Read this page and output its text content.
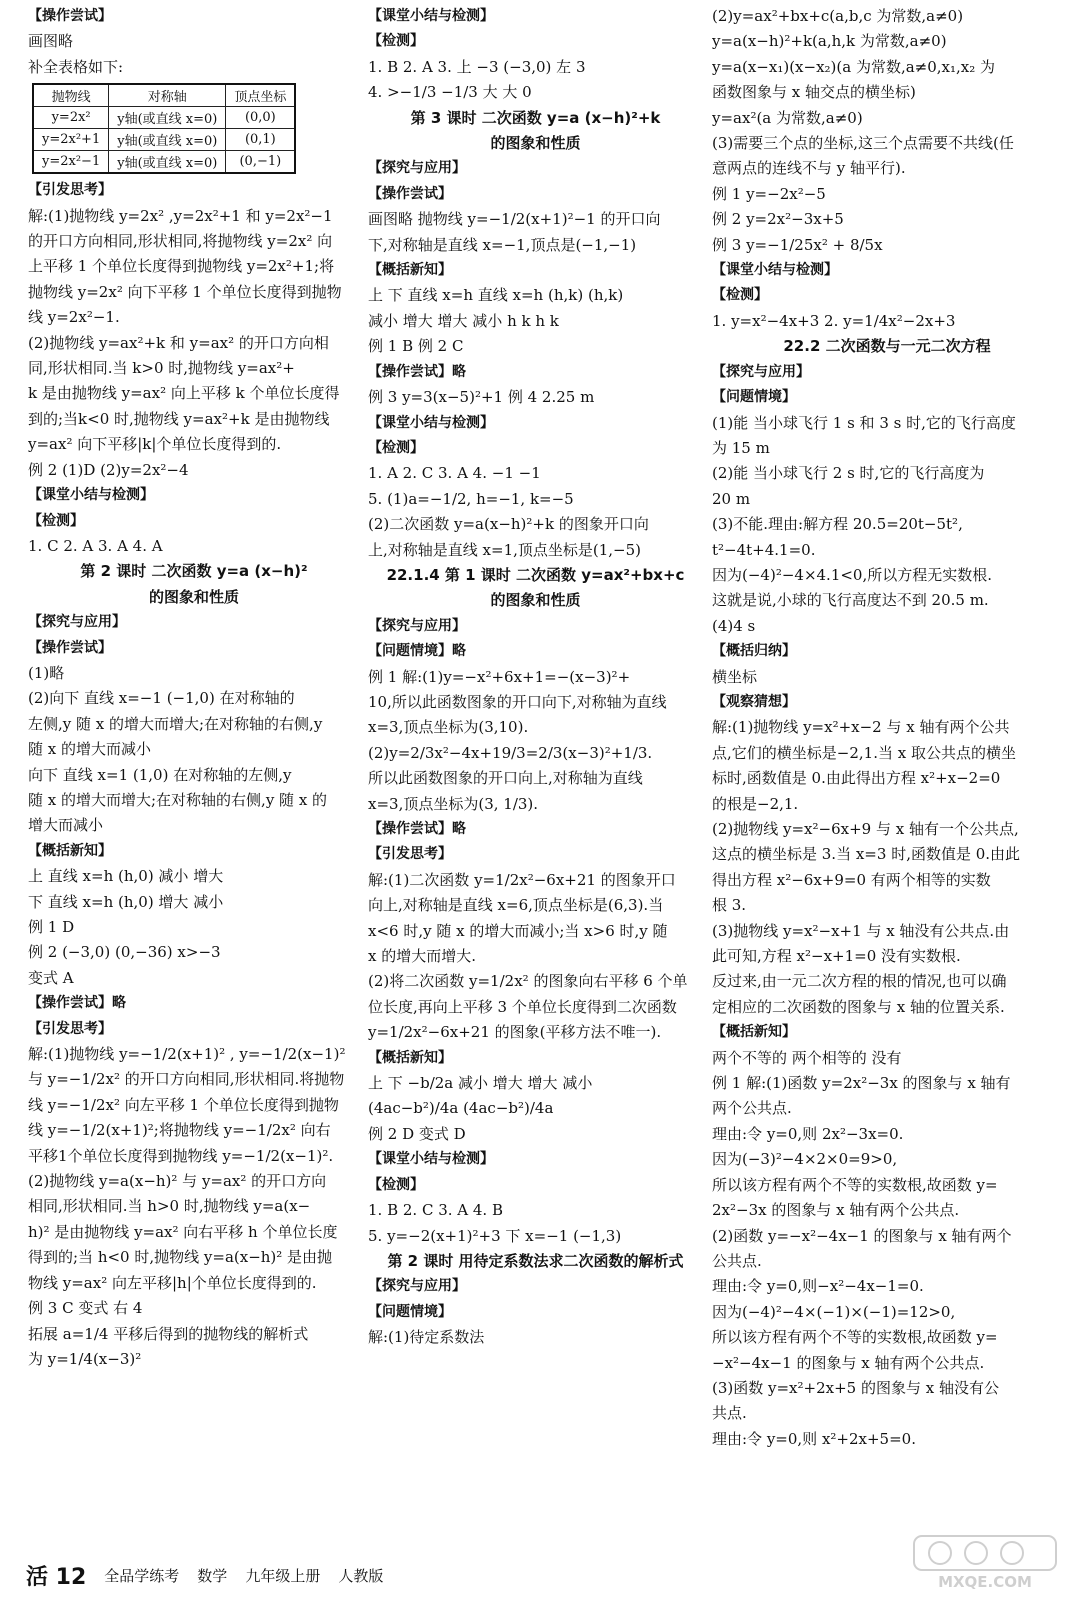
【操作尝试】
画图略
补全表格如下:
抛物线	对称轴	顶点坐标
y=2x²	y轴(或直线 x=0)	(0,0)
y=2x²+1	y轴(或直线 x=0)	(0,1)
y=2x²−1	y轴(或直线 x=0)	(0,−1)
【引发思考】
解:(1)抛物线 y=2x² ,y=2x²+1 和 y=2x²−1
的开口方向相同,形状相同,将抛物线 y=2x² 向
上平移 1 个单位长度得到抛物线 y=2x²+1;将
抛物线 y=2x² 向下平移 1 个单位长度得到抛物
线 y=2x²−1.
(2)抛物线 y=ax²+k 和 y=ax² 的开口方向相
同,形状相同.当 k>0 时,抛物线 y=ax²+
k 是由抛物线 y=ax² 向上平移 k 个单位长度得
到的;当k<0 时,抛物线 y=ax²+k 是由抛物线
y=ax² 向下平移|k|个单位长度得到的.
例 2 (1)D (2)y=2x²−4
【课堂小结与检测】
【检测】
1. C 2. A 3. A 4. A
第 2 课时 二次函数 y=a (x−h)²
的图象和性质
【探究与应用】
【操作尝试】
(1)略
(2)向下 直线 x=−1 (−1,0) 在对称轴的
左侧,y 随 x 的增大而增大;在对称轴的右侧,y
随 x 的增大而减小
向下 直线 x=1 (1,0) 在对称轴的左侧,y
随 x 的增大而增大;在对称轴的右侧,y 随 x 的
增大而减小
【概括新知】
上 直线 x=h (h,0) 减小 增大
下 直线 x=h (h,0) 增大 减小
例 1 D
例 2 (−3,0) (0,−36) x>−3
变式 A
【操作尝试】略
【引发思考】
解:(1)抛物线 y=−1/2(x+1)² , y=−1/2(x−1)²
与 y=−1/2x² 的开口方向相同,形状相同.将抛物
线 y=−1/2x² 向左平移 1 个单位长度得到抛物
线 y=−1/2(x+1)²;将抛物线 y=−1/2x² 向右
平移1个单位长度得到抛物线 y=−1/2(x−1)².
(2)抛物线 y=a(x−h)² 与 y=ax² 的开口方向
相同,形状相同.当 h>0 时,抛物线 y=a(x−
h)² 是由抛物线 y=ax² 向右平移 h 个单位长度
得到的;当 h<0 时,抛物线 y=a(x−h)² 是由抛
物线 y=ax² 向左平移|h|个单位长度得到的.
例 3 C 变式 右 4
拓展 a=1/4 平移后得到的抛物线的解析式
为 y=1/4(x−3)²
【课堂小结与检测】
【检测】
1. B 2. A 3. 上 −3 (−3,0) 左 3
4. >−1/3 −1/3 大 大 0
第 3 课时 二次函数 y=a (x−h)²+k
的图象和性质
【探究与应用】
【操作尝试】
画图略 抛物线 y=−1/2(x+1)²−1 的开口向
下,对称轴是直线 x=−1,顶点是(−1,−1)
【概括新知】
上 下 直线 x=h 直线 x=h (h,k) (h,k)
减小 增大 增大 减小 h k h k
例 1 B 例 2 C
【操作尝试】略
例 3 y=3(x−5)²+1 例 4 2.25 m
【课堂小结与检测】
【检测】
1. A 2. C 3. A 4. −1 −1
5. (1)a=−1/2, h=−1, k=−5
(2)二次函数 y=a(x−h)²+k 的图象开口向
上,对称轴是直线 x=1,顶点坐标是(1,−5)
22.1.4 第 1 课时 二次函数 y=ax²+bx+c
的图象和性质
【探究与应用】
【问题情境】略
例 1 解:(1)y=−x²+6x+1=−(x−3)²+
10,所以此函数图象的开口向下,对称轴为直线
x=3,顶点坐标为(3,10).
(2)y=2/3x²−4x+19/3=2/3(x−3)²+1/3.
所以此函数图象的开口向上,对称轴为直线
x=3,顶点坐标为(3, 1/3).
【操作尝试】略
【引发思考】
解:(1)二次函数 y=1/2x²−6x+21 的图象开口
向上,对称轴是直线 x=6,顶点坐标是(6,3).当
x<6 时,y 随 x 的增大而减小;当 x>6 时,y 随
x 的增大而增大.
(2)将二次函数 y=1/2x² 的图象向右平移 6 个单
位长度,再向上平移 3 个单位长度得到二次函数
y=1/2x²−6x+21 的图象(平移方法不唯一).
【概括新知】
上 下 −b/2a 减小 增大 增大 减小
(4ac−b²)/4a (4ac−b²)/4a
例 2 D 变式 D
【课堂小结与检测】
【检测】
1. B 2. C 3. A 4. B
5. y=−2(x+1)²+3 下 x=−1 (−1,3)
第 2 课时 用待定系数法求二次函数的解析式
【探究与应用】
【问题情境】
解:(1)待定系数法
(2)y=ax²+bx+c(a,b,c 为常数,a≠0)
y=a(x−h)²+k(a,h,k 为常数,a≠0)
y=a(x−x₁)(x−x₂)(a 为常数,a≠0,x₁,x₂ 为
函数图象与 x 轴交点的横坐标)
y=ax²(a 为常数,a≠0)
(3)需要三个点的坐标,这三个点需要不共线(任
意两点的连线不与 y 轴平行).
例 1 y=−2x²−5
例 2 y=2x²−3x+5
例 3 y=−1/25x² + 8/5x
【课堂小结与检测】
【检测】
1. y=x²−4x+3 2. y=1/4x²−2x+3
22.2 二次函数与一元二次方程
【探究与应用】
【问题情境】
(1)能 当小球飞行 1 s 和 3 s 时,它的飞行高度
为 15 m
(2)能 当小球飞行 2 s 时,它的飞行高度为
20 m
(3)不能.理由:解方程 20.5=20t−5t²,
t²−4t+4.1=0.
因为(−4)²−4×4.1<0,所以方程无实数根.
这就是说,小球的飞行高度达不到 20.5 m.
(4)4 s
【概括归纳】
横坐标
【观察猜想】
解:(1)抛物线 y=x²+x−2 与 x 轴有两个公共
点,它们的横坐标是−2,1.当 x 取公共点的横坐
标时,函数值是 0.由此得出方程 x²+x−2=0
的根是−2,1.
(2)抛物线 y=x²−6x+9 与 x 轴有一个公共点,
这点的横坐标是 3.当 x=3 时,函数值是 0.由此
得出方程 x²−6x+9=0 有两个相等的实数
根 3.
(3)抛物线 y=x²−x+1 与 x 轴没有公共点.由
此可知,方程 x²−x+1=0 没有实数根.
反过来,由一元二次方程的根的情况,也可以确
定相应的二次函数的图象与 x 轴的位置关系.
【概括新知】
两个不等的 两个相等的 没有
例 1 解:(1)函数 y=2x²−3x 的图象与 x 轴有
两个公共点.
理由:令 y=0,则 2x²−3x=0.
因为(−3)²−4×2×0=9>0,
所以该方程有两个不等的实数根,故函数 y=
2x²−3x 的图象与 x 轴有两个公共点.
(2)函数 y=−x²−4x−1 的图象与 x 轴有两个
公共点.
理由:令 y=0,则−x²−4x−1=0.
因为(−4)²−4×(−1)×(−1)=12>0,
所以该方程有两个不等的实数根,故函数 y=
−x²−4x−1 的图象与 x 轴有两个公共点.
(3)函数 y=x²+2x+5 的图象与 x 轴没有公
共点.
理由:令 y=0,则 x²+2x+5=0.
活 12 全品学练考 数学 九年级上册 人教版	MXQE.COM
